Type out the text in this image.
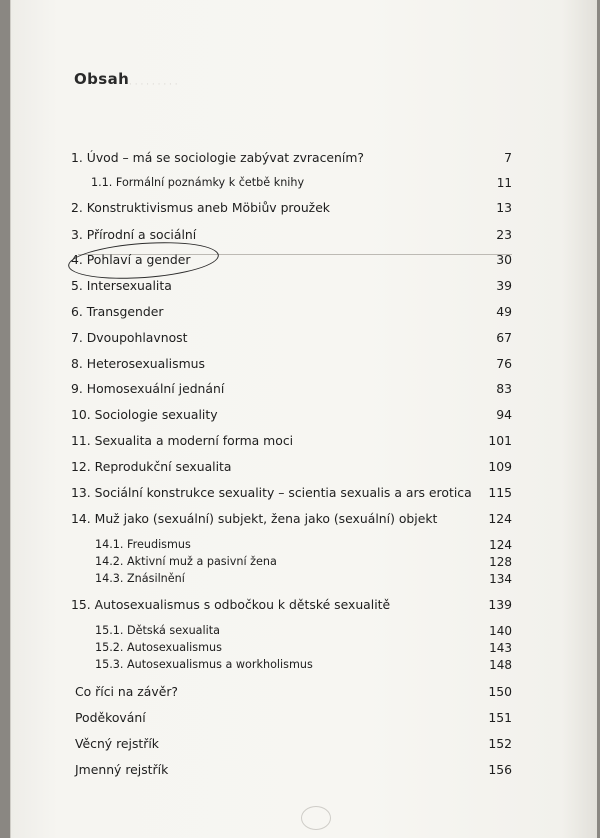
· · · · · · · · ·
Obsah
1. Úvod – má se sociologie zabývat zvracením?	7
1.1. Formální poznámky k četbě knihy	11
2. Konstruktivismus aneb Möbiův proužek	13
3. Přírodní a sociální	23
4. Pohlaví a gender	30
5. Intersexualita	39
6. Transgender	49
7. Dvoupohlavnost	67
8. Heterosexualismus	76
9. Homosexuální jednání	83
10. Sociologie sexuality	94
11. Sexualita a moderní forma moci	101
12. Reprodukční sexualita	109
13. Sociální konstrukce sexuality – scientia sexualis a ars erotica 115
14. Muž jako (sexuální) subjekt, žena jako (sexuální) objekt	124
14.1. Freudismus	124
14.2. Aktivní muž a pasivní žena	128
14.3. Znásilnění	134
15. Autosexualismus s odbočkou k dětské sexualitě	139
15.1. Dětská sexualita	140
15.2. Autosexualismus	143
15.3. Autosexualismus a workholismus	148
Co říci na závěr?	150
Poděkování	151
Věcný rejstřík	152
Jmenný rejstřík	156
